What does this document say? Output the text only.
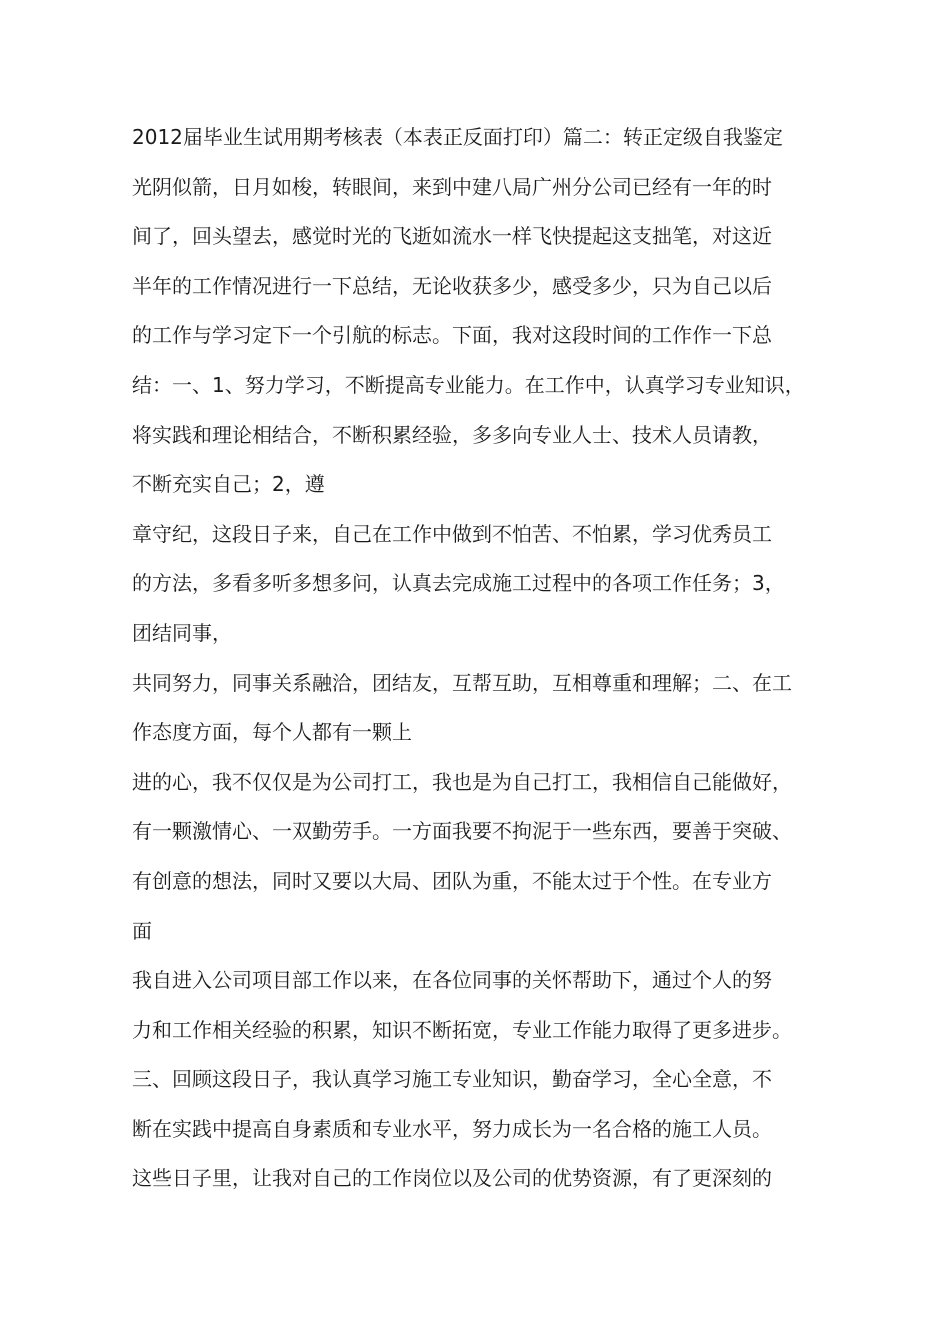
2012届毕业生试用期考核表（本表正反面打印）篇二：转正定级自我鉴定
光阴似箭，日月如梭，转眼间，来到中建八局广州分公司已经有一年的时
间了，回头望去，感觉时光的飞逝如流水一样飞快提起这支拙笔，对这近
半年的工作情况进行一下总结，无论收获多少，感受多少，只为自己以后
的工作与学习定下一个引航的标志。下面，我对这段时间的工作作一下总
结：一、1、努力学习，不断提高专业能力。在工作中，认真学习专业知识，
将实践和理论相结合，不断积累经验，多多向专业人士、技术人员请教，
不断充实自己；2，遵
章守纪，这段日子来，自己在工作中做到不怕苦、不怕累，学习优秀员工
的方法，多看多听多想多问，认真去完成施工过程中的各项工作任务；3，
团结同事，
共同努力，同事关系融洽，团结友，互帮互助，互相尊重和理解；二、在工
作态度方面，每个人都有一颗上
进的心，我不仅仅是为公司打工，我也是为自己打工，我相信自己能做好，
有一颗激情心、一双勤劳手。一方面我要不拘泥于一些东西，要善于突破、
有创意的想法，同时又要以大局、团队为重，不能太过于个性。在专业方
面
我自进入公司项目部工作以来，在各位同事的关怀帮助下，通过个人的努
力和工作相关经验的积累，知识不断拓宽，专业工作能力取得了更多进步。
三、回顾这段日子，我认真学习施工专业知识，勤奋学习，全心全意，不
断在实践中提高自身素质和专业水平，努力成长为一名合格的施工人员。
这些日子里，让我对自己的工作岗位以及公司的优势资源，有了更深刻的
